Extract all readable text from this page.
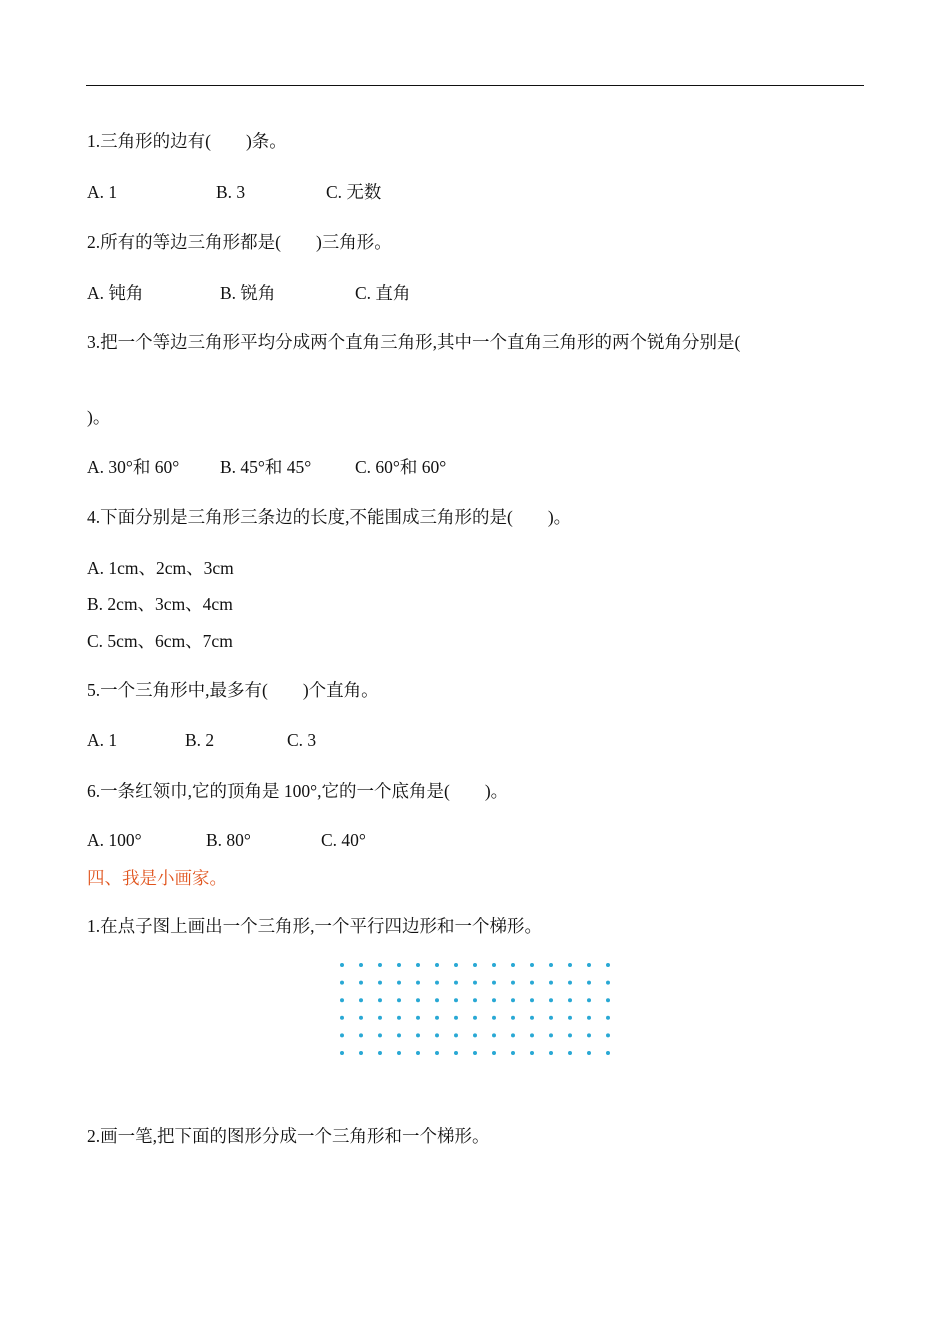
1.三角形的边有(　　)条。
A. 1	B. 3	C. 无数
2.所有的等边三角形都是(　　)三角形。
A. 钝角	B. 锐角	C. 直角
3.把一个等边三角形平均分成两个直角三角形,其中一个直角三角形的两个锐角分别是(
)。
A. 30°和 60° B. 45°和 45° C. 60°和 60°
4.下面分别是三角形三条边的长度,不能围成三角形的是(　　)。
A. 1cm、2cm、3cm
B. 2cm、3cm、4cm
C. 5cm、6cm、7cm
5.一个三角形中,最多有(　　)个直角。
A. 1	B. 2	C. 3
6.一条红领巾,它的顶角是 100°,它的一个底角是(　　)。
A. 100°	B. 80°	C. 40°
四、我是小画家。
1.在点子图上画出一个三角形,一个平行四边形和一个梯形。
2.画一笔,把下面的图形分成一个三角形和一个梯形。
